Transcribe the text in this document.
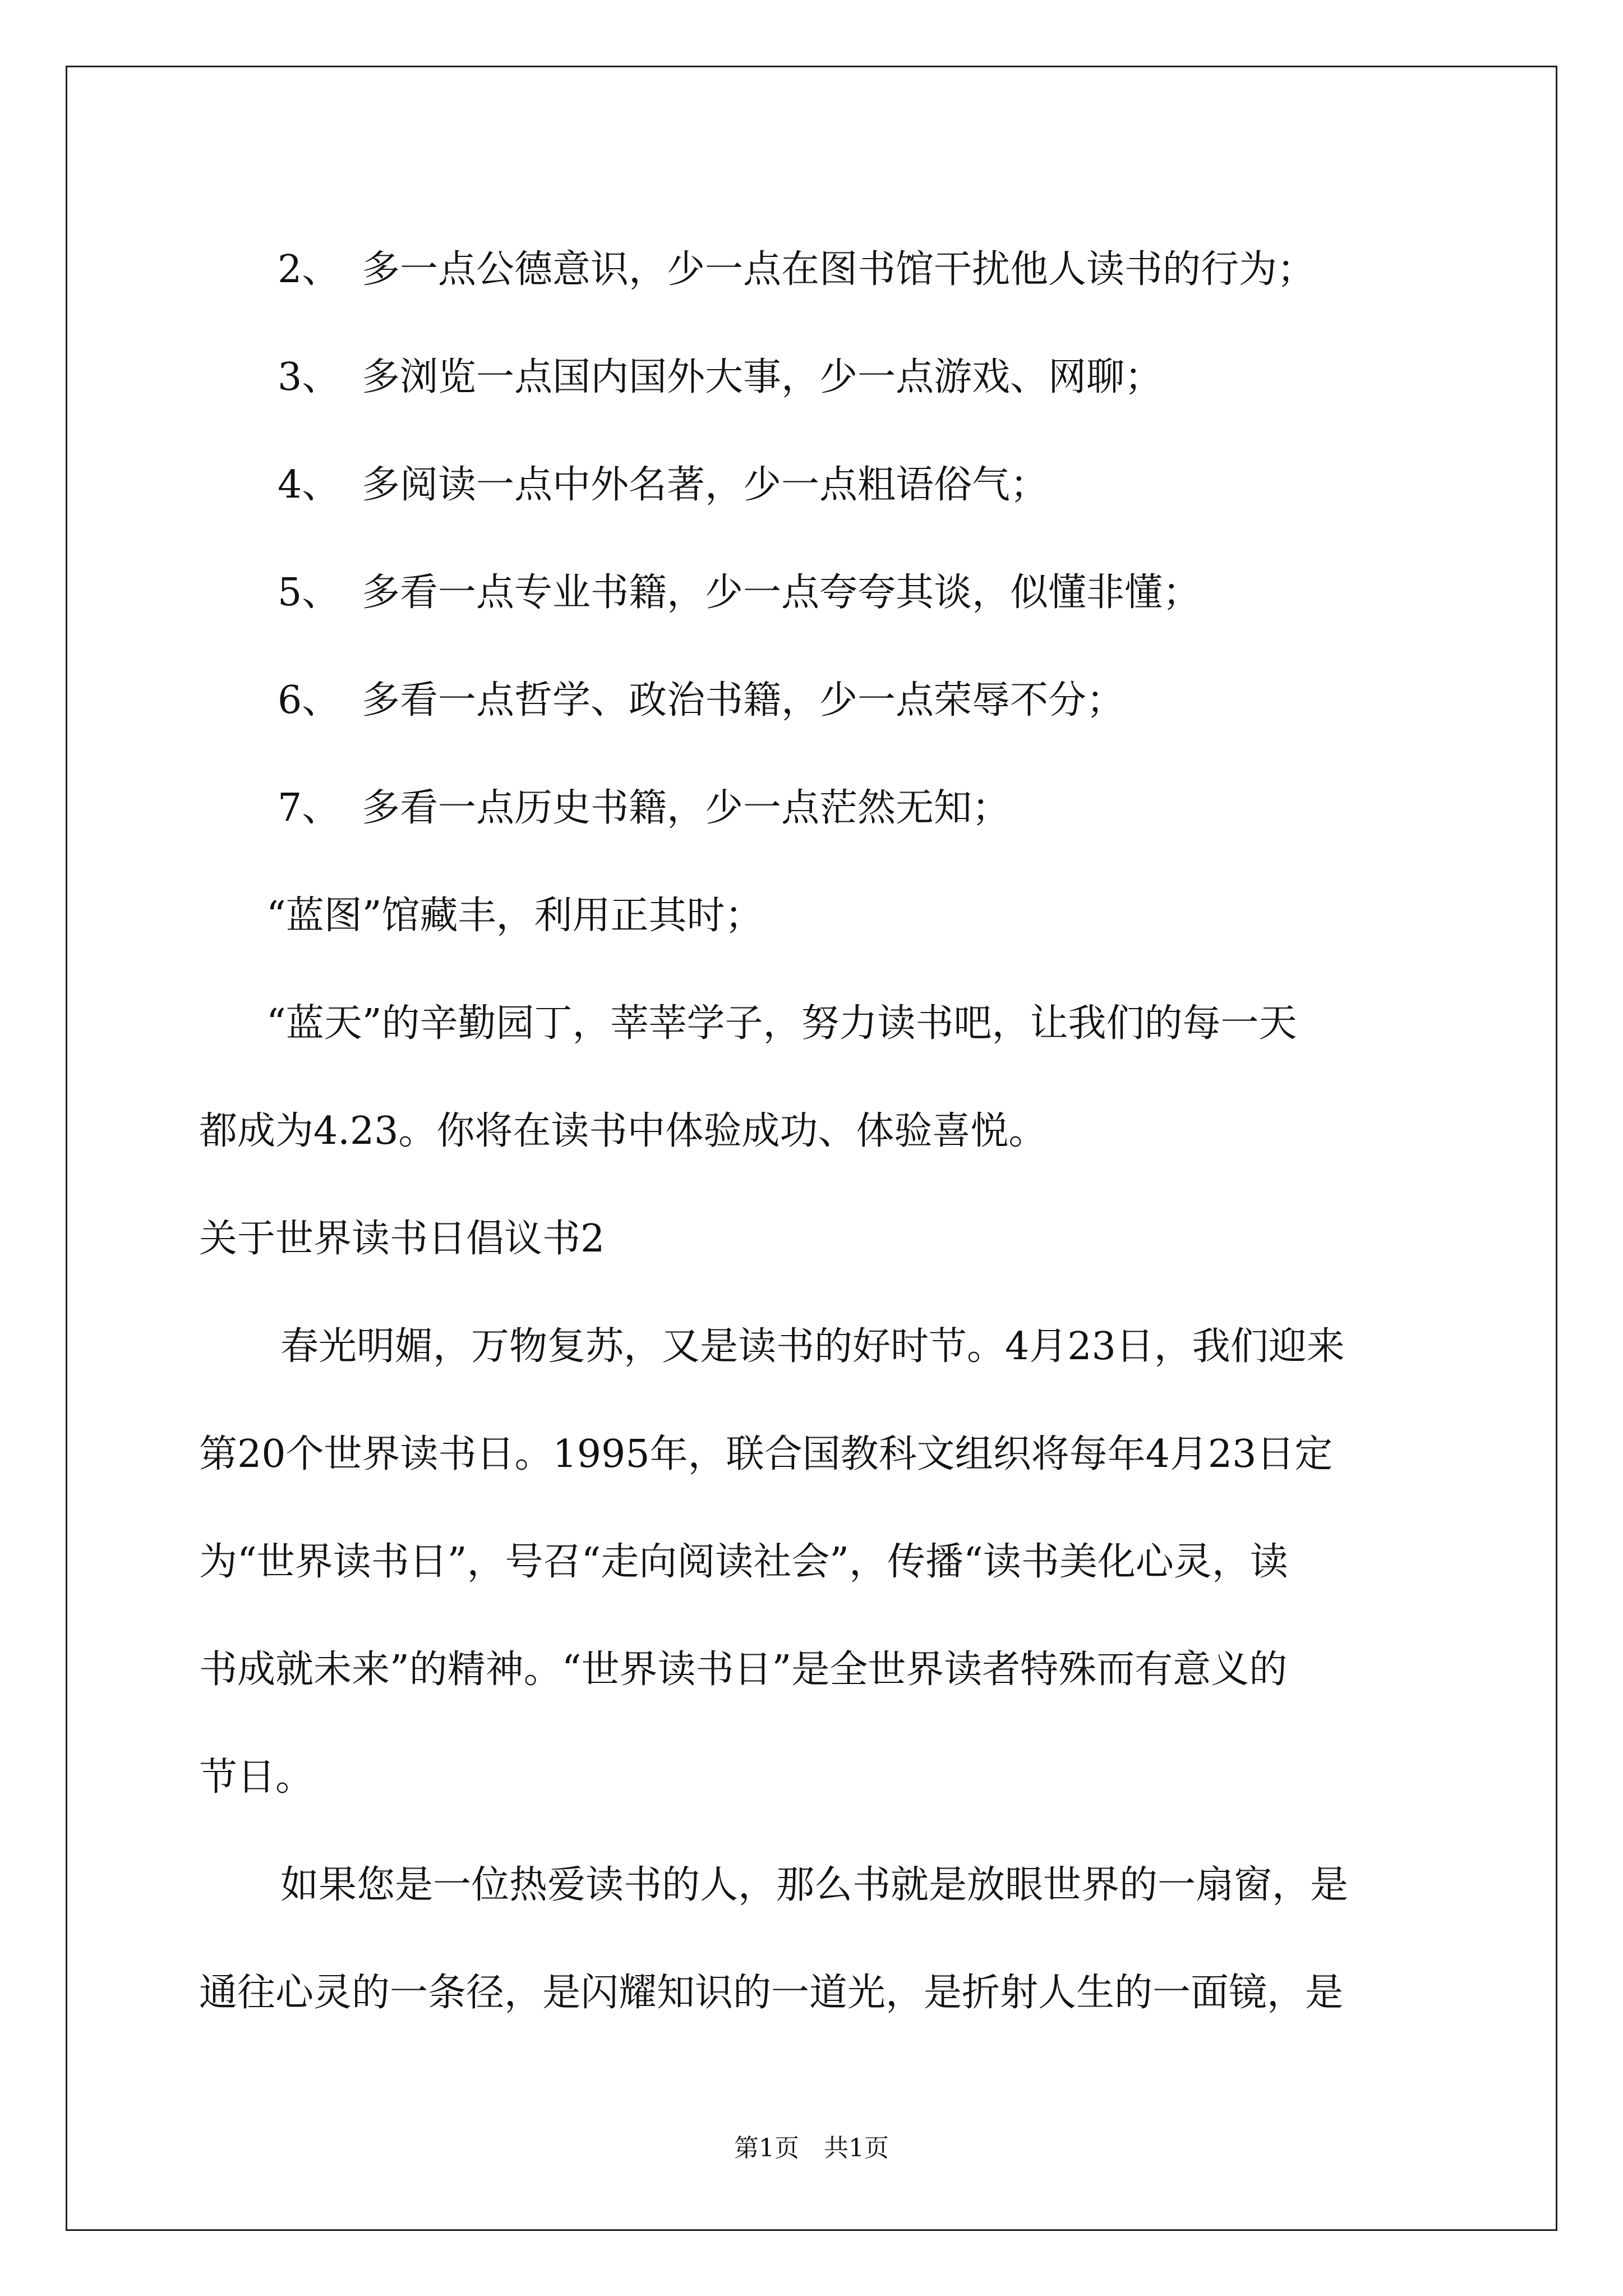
2、 多一点公德意识，少一点在图书馆干扰他人读书的行为；
3、 多浏览一点国内国外大事，少一点游戏、网聊；
4、 多阅读一点中外名著，少一点粗语俗气；
5、 多看一点专业书籍，少一点夸夸其谈，似懂非懂；
6、 多看一点哲学、政治书籍，少一点荣辱不分；
7、 多看一点历史书籍，少一点茫然无知；
“蓝图”馆藏丰，利用正其时；
“蓝天”的辛勤园丁，莘莘学子，努力读书吧，让我们的每一天
都成为4.23。你将在读书中体验成功、体验喜悦。
关于世界读书日倡议书2
春光明媚，万物复苏，又是读书的好时节。4月23日，我们迎来
第20个世界读书日。1995年，联合国教科文组织将每年4月23日定
为“世界读书日”，号召“走向阅读社会”，传播“读书美化心灵，读
书成就未来”的精神。“世界读书日”是全世界读者特殊而有意义的
节日。
如果您是一位热爱读书的人，那么书就是放眼世界的一扇窗，是
通往心灵的一条径，是闪耀知识的一道光，是折射人生的一面镜，是
第1页　共1页
